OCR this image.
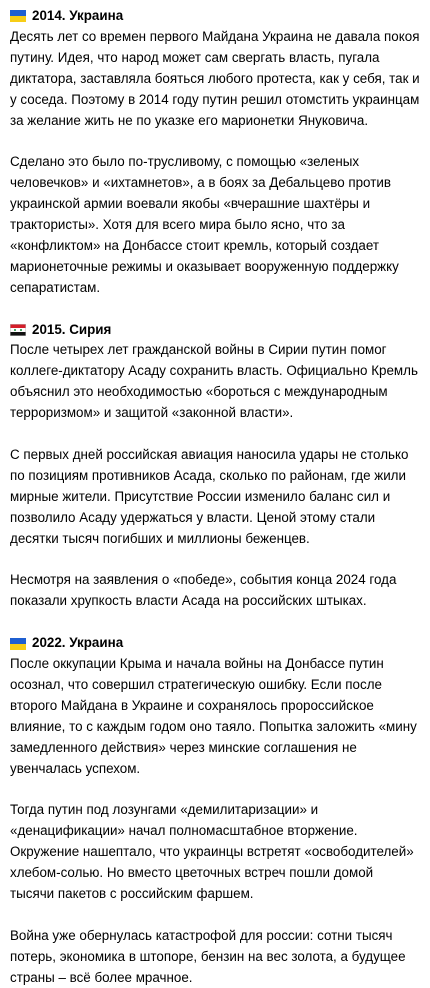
2014. Украина

Десять лет со времен первого Майдана Украина не давала покоя путину. Идея, что народ может сам свергать власть, пугала диктатора, заставляла бояться любого протеста, как у себя, так и у соседа. Поэтому в 2014 году путин решил отомстить украинцам за желание жить не по указке его марионетки Януковича.

Сделано это было по-трусливому, с помощью «зеленых человечков» и «ихтамнетов», а в боях за Дебальцево против украинской армии воевали якобы «вчерашние шахтёры и трактористы». Хотя для всего мира было ясно, что за «конфликтом» на Донбассе стоит кремль, который создает марионеточные режимы и оказывает вооруженную поддержку сепаратистам.

2015. Сирия

После четырех лет гражданской войны в Сирии путин помог коллеге-диктатору Асаду сохранить власть. Официально Кремль объяснил это необходимостью «бороться с международным терроризмом» и защитой «законной власти».

С первых дней российская авиация наносила удары не столько по позициям противников Асада, сколько по районам, где жили мирные жители. Присутствие России изменило баланс сил и позволило Асаду удержаться у власти. Ценой этому стали десятки тысяч погибших и миллионы беженцев.

Несмотря на заявления о «победе», события конца 2024 года показали хрупкость власти Асада на российских штыках.

2022. Украина

После оккупации Крыма и начала войны на Донбассе путин осознал, что совершил стратегическую ошибку. Если после второго Майдана в Украине и сохранялось пророссийское влияние, то с каждым годом оно таяло. Попытка заложить «мину замедленного действия» через минские соглашения не увенчалась успехом.

Тогда путин под лозунгами «демилитаризации» и «денацификации» начал полномасштабное вторжение. Окружение нашептало, что украинцы встретят «освободителей» хлебом-солью. Но вместо цветочных встреч пошли домой тысячи пакетов с российским фаршем.

Война уже обернулась катастрофой для россии: сотни тысяч потерь, экономика в штопоре, бензин на вес золота, а будущее страны – всё более мрачное.
